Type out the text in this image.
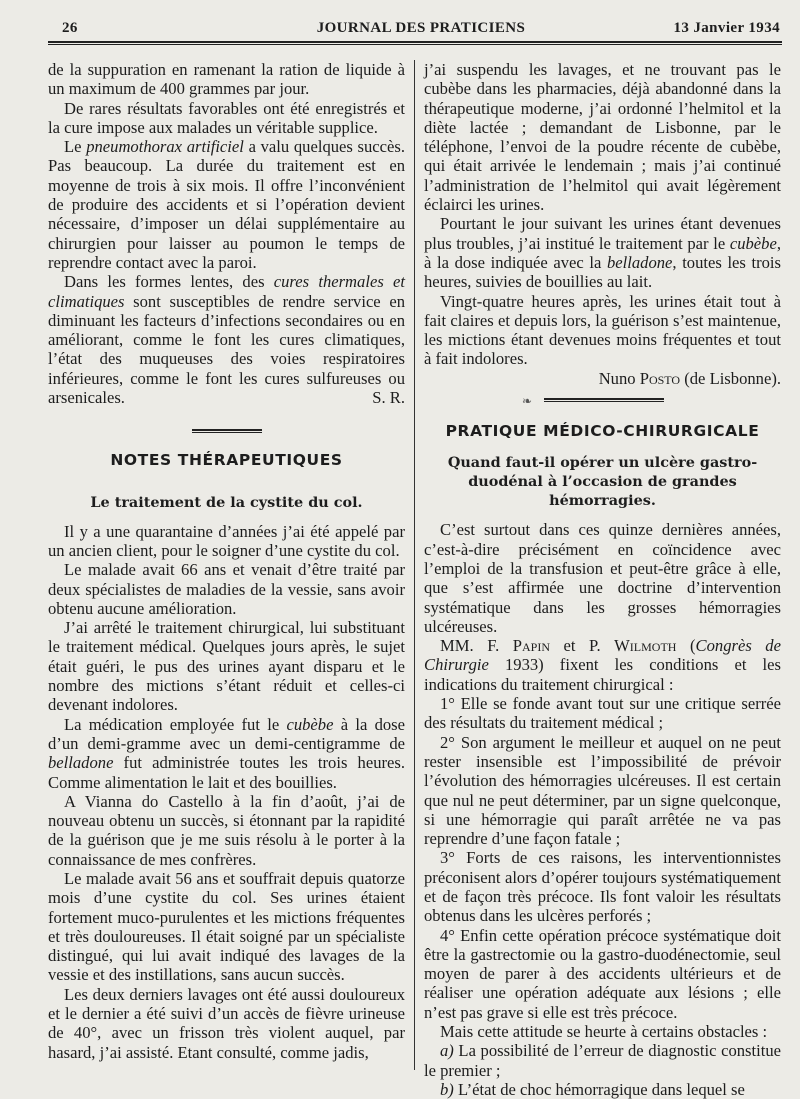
26	JOURNAL DES PRATICIENS	13 Janvier 1934

de la suppuration en ramenant la ration de liquide à un maximum de 400 grammes par jour.

De rares résultats favorables ont été enregistrés et la cure impose aux malades un véritable supplice.

Le pneumothorax artificiel a valu quelques succès. Pas beaucoup. La durée du traitement est en moyenne de trois à six mois. Il offre l’inconvénient de produire des accidents et si l’opération devient nécessaire, d’imposer un délai supplémentaire au chirurgien pour laisser au poumon le temps de reprendre contact avec la paroi.

Dans les formes lentes, des cures thermales et climatiques sont susceptibles de rendre service en diminuant les facteurs d’infections secondaires ou en améliorant, comme le font les cures climatiques, l’état des muqueuses des voies respiratoires inférieures, comme le font les cures sulfureuses ou arsenicales.	S. R.

NOTES THÉRAPEUTIQUES
Le traitement de la cystite du col.

Il y a une quarantaine d’années j’ai été appelé par un ancien client, pour le soigner d’une cystite du col.

Le malade avait 66 ans et venait d’être traité par deux spécialistes de maladies de la vessie, sans avoir obtenu aucune amélioration.

J’ai arrêté le traitement chirurgical, lui substituant le traitement médical. Quelques jours après, le sujet était guéri, le pus des urines ayant disparu et le nombre des mictions s’étant réduit et celles-ci devenant indolores.

La médication employée fut le cubèbe à la dose d’un demi-gramme avec un demi-centigramme de belladone fut administrée toutes les trois heures. Comme alimentation le lait et des bouillies.

A Vianna do Castello à la fin d’août, j’ai de nouveau obtenu un succès, si étonnant par la rapidité de la guérison que je me suis résolu à le porter à la connaissance de mes confrères.

Le malade avait 56 ans et souffrait depuis quatorze mois d’une cystite du col. Ses urines étaient fortement muco-purulentes et les mictions fréquentes et très douloureuses. Il était soigné par un spécialiste distingué, qui lui avait indiqué des lavages de la vessie et des instillations, sans aucun succès.

Les deux derniers lavages ont été aussi douloureux et le dernier a été suivi d’un accès de fièvre urineuse de 40°, avec un frisson très violent auquel, par hasard, j’ai assisté. Etant consulté, comme jadis,

j’ai suspendu les lavages, et ne trouvant pas le cubèbe dans les pharmacies, déjà abandonné dans la thérapeutique moderne, j’ai ordonné l’helmitol et la diète lactée ; demandant de Lisbonne, par le téléphone, l’envoi de la poudre récente de cubèbe, qui était arrivée le lendemain ; mais j’ai continué l’administration de l’helmitol qui avait légèrement éclairci les urines.

Pourtant le jour suivant les urines étant devenues plus troubles, j’ai institué le traitement par le cubèbe, à la dose indiquée avec la belladone, toutes les trois heures, suivies de bouillies au lait.

Vingt-quatre heures après, les urines était tout à fait claires et depuis lors, la guérison s’est maintenue, les mictions étant devenues moins fréquentes et tout à fait indolores.

Nuno Posto (de Lisbonne).

❧
PRATIQUE MÉDICO-CHIRURGICALE
Quand faut-il opérer un ulcère gastro-duodénal à l’occasion de grandes hémorragies.

C’est surtout dans ces quinze dernières années, c’est-à-dire précisément en coïncidence avec l’emploi de la transfusion et peut-être grâce à elle, que s’est affirmée une doctrine d’intervention systématique dans les grosses hémorragies ulcéreuses.

MM. F. Papin et P. Wilmoth (Congrès de Chirurgie 1933) fixent les conditions et les indications du traitement chirurgical :

1° Elle se fonde avant tout sur une critique serrée des résultats du traitement médical ;

2° Son argument le meilleur et auquel on ne peut rester insensible est l’impossibilité de prévoir l’évolution des hémorragies ulcéreuses. Il est certain que nul ne peut déterminer, par un signe quelconque, si une hémorragie qui paraît arrêtée ne va pas reprendre d’une façon fatale ;

3° Forts de ces raisons, les interventionnistes préconisent alors d’opérer toujours systématiquement et de façon très précoce. Ils font valoir les résultats obtenus dans les ulcères perforés ;

4° Enfin cette opération précoce systématique doit être la gastrectomie ou la gastro-duodénectomie, seul moyen de parer à des accidents ultérieurs et de réaliser une opération adéquate aux lésions ; elle n’est pas grave si elle est très précoce.

Mais cette attitude se heurte à certains obstacles :

a) La possibilité de l’erreur de diagnostic constitue le premier ;

b) L’état de choc hémorragique dans lequel se
